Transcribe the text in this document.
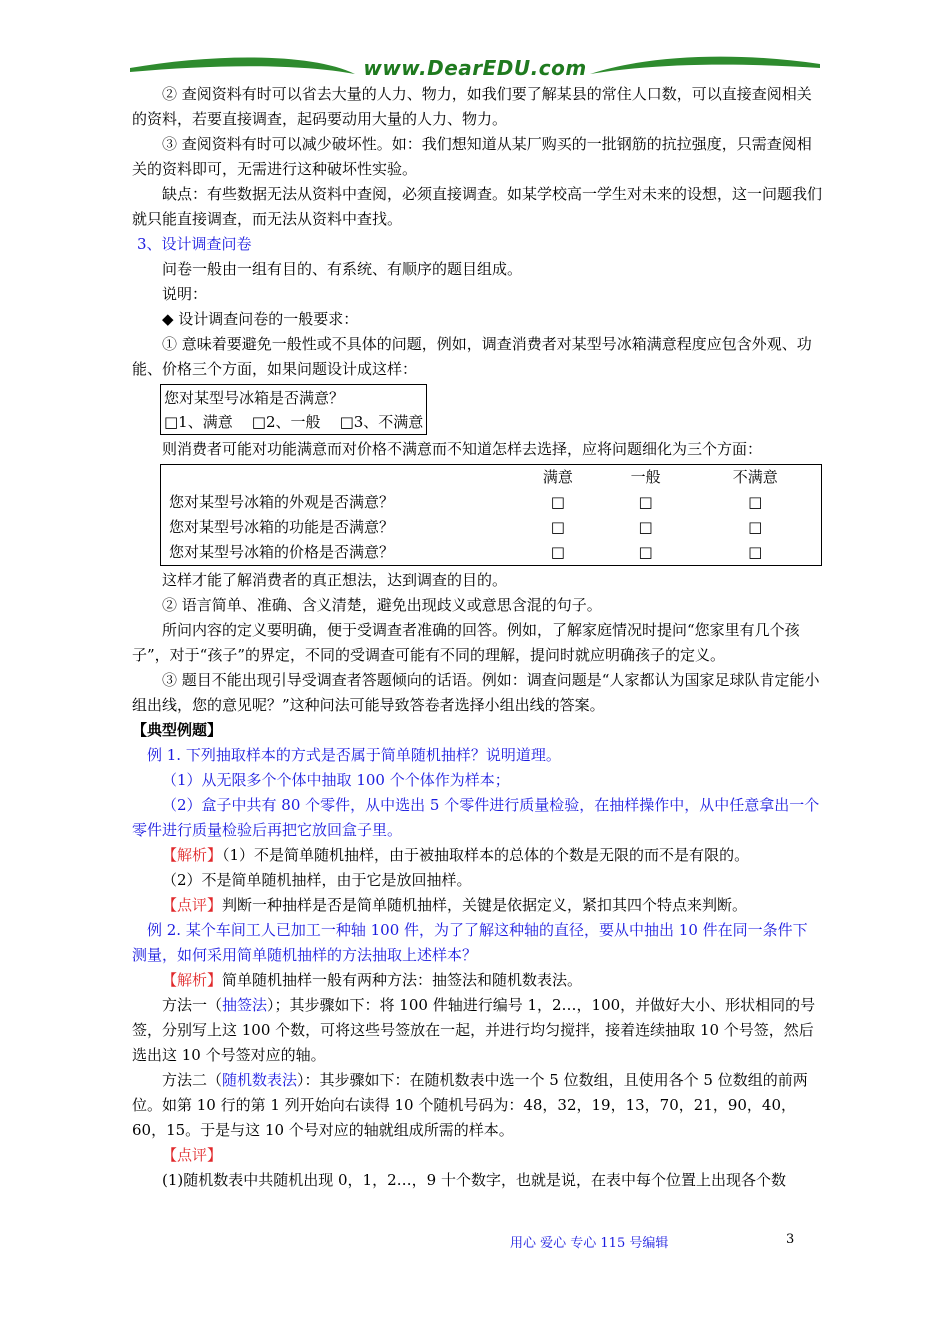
www.DearEDU.com

② 查阅资料有时可以省去大量的人力、物力，如我们要了解某县的常住人口数，可以直接查阅相关的资料，若要直接调查，起码要动用大量的人力、物力。

③ 查阅资料有时可以减少破坏性。如：我们想知道从某厂购买的一批钢筋的抗拉强度，只需查阅相关的资料即可，无需进行这种破坏性实验。

缺点：有些数据无法从资料中查阅，必须直接调查。如某学校高一学生对未来的设想，这一问题我们就只能直接调查，而无法从资料中查找。

3、设计调查问卷

问卷一般由一组有目的、有系统、有顺序的题目组成。

说明：

◆ 设计调查问卷的一般要求：

① 意味着要避免一般性或不具体的问题，例如，调查消费者对某型号冰箱满意程度应包含外观、功能、价格三个方面，如果问题设计成这样：

您对某型号冰箱是否满意？

□1、满意    □2、一般    □3、不满意

则消费者可能对功能满意而对价格不满意而不知道怎样去选择，应将问题细化为三个方面：

	满意	一般	不满意
您对某型号冰箱的外观是否满意？	□	□	□
您对某型号冰箱的功能是否满意？	□	□	□
您对某型号冰箱的价格是否满意？	□	□	□

这样才能了解消费者的真正想法，达到调查的目的。

② 语言简单、准确、含义清楚，避免出现歧义或意思含混的句子。

所问内容的定义要明确，便于受调查者准确的回答。例如，了解家庭情况时提问“您家里有几个孩子”，对于“孩子”的界定，不同的受调查可能有不同的理解，提问时就应明确孩子的定义。

③ 题目不能出现引导受调查者答题倾向的话语。例如：调查问题是“人家都认为国家足球队肯定能小组出线，您的意见呢？”这种问法可能导致答卷者选择小组出线的答案。

【典型例题】

例 1. 下列抽取样本的方式是否属于简单随机抽样？说明道理。

（1）从无限多个个体中抽取 100 个个体作为样本；

（2）盒子中共有 80 个零件，从中选出 5 个零件进行质量检验，在抽样操作中，从中任意拿出一个零件进行质量检验后再把它放回盒子里。

【解析】（1）不是简单随机抽样，由于被抽取样本的总体的个数是无限的而不是有限的。

（2）不是简单随机抽样，由于它是放回抽样。

【点评】判断一种抽样是否是简单随机抽样，关键是依据定义，紧扣其四个特点来判断。

例 2. 某个车间工人已加工一种轴 100 件，为了了解这种轴的直径，要从中抽出 10 件在同一条件下测量，如何采用简单随机抽样的方法抽取上述样本？

【解析】简单随机抽样一般有两种方法：抽签法和随机数表法。

方法一（抽签法）；其步骤如下：将 100 件轴进行编号 1，2…，100，并做好大小、形状相同的号签，分别写上这 100 个数，可将这些号签放在一起，并进行均匀搅拌，接着连续抽取 10 个号签，然后选出这 10 个号签对应的轴。

方法二（随机数表法）：其步骤如下：在随机数表中选一个 5 位数组，且使用各个 5 位数组的前两位。如第 10 行的第 1 列开始向右读得 10 个随机号码为：48，32，19，13，70，21，90，40，60，15。于是与这 10 个号对应的轴就组成所需的样本。

【点评】

(1)随机数表中共随机出现 0，1，2…，9 十个数字，也就是说，在表中每个位置上出现各个数

用心 爱心 专心 115 号编辑	3
